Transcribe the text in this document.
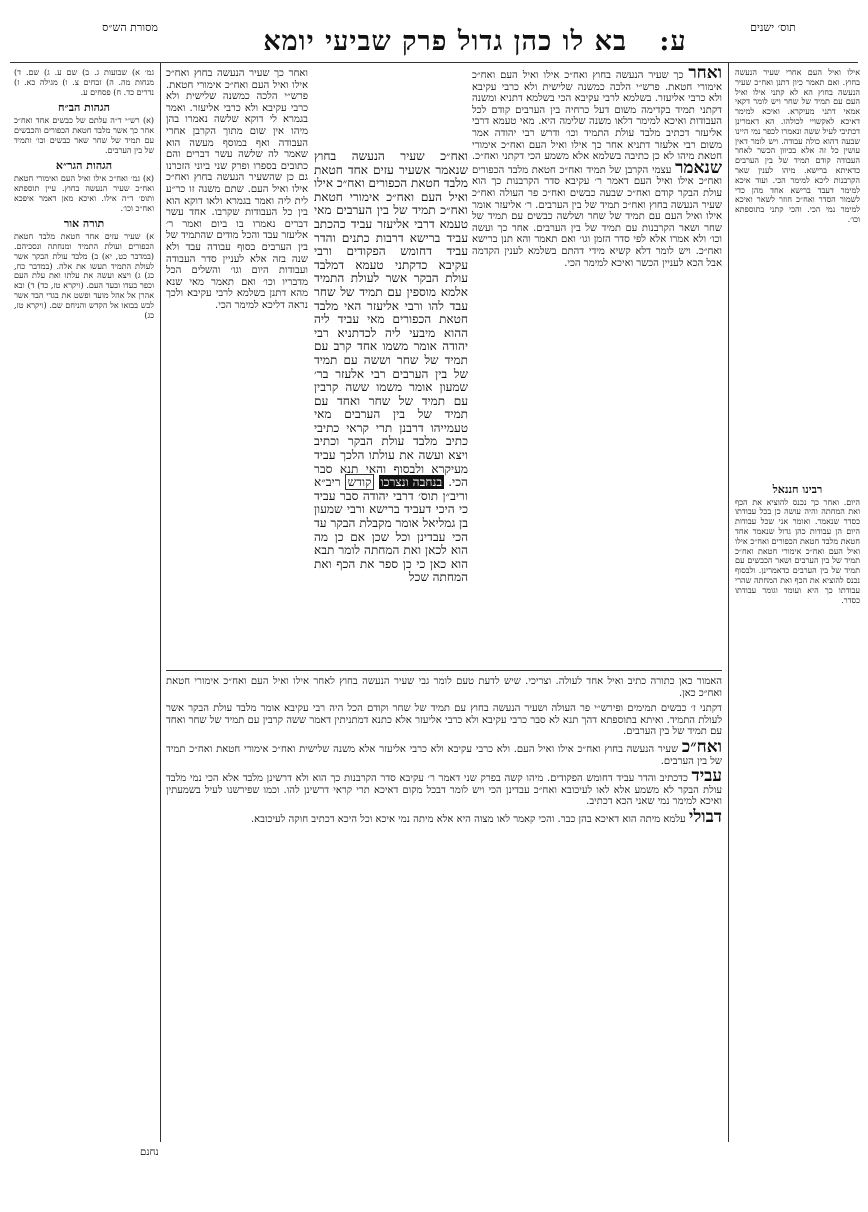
תוס׳ ישנים
ע: בא לו כהן גדול פרק שביעי יומא
מסורת הש״ס
אילו ואיל העם אחרי שעיר הנעשה בחוץ. ואם תאמר כיון דתנן ואח״כ שעיר הנעשה בחוץ הא לא קתני אילו ואיל העם עם תמיד של שחר ויש לומר דקאי אמאי דתני מעיקרא. ואיכא למימר דאיכא לאקשויי לכולהו. הא דאמרינן דכתיבי לעיל ששה ונאמרו לכפר נמי היינו שבעה דהוא כולה עבודה. ויש לומר דאין עושין כל זה אלא בכיוון הכשר לאחר העבודה קודם תמיד של בין הערבים כדאיתא ברישא. מיהו לענין שאר הקרבנות ליכא למימר הכי. ועוד איכא למימר דעבד ברישא אחד מהן כדי לשמור הסדר ואח״כ חוזר לשאר ואיכא למימר נמי הכי. והכי קתני בתוספתא וכו׳.
רבינו חננאל
היום. ואחר כך נכנס להוציא את הכף ואת המחתה והיה עושה כן בכל עבודתו כסדר שנאמר. ואומר אני שכל עבודות היום הן עבודות כהן גדול שנאמר אחד חטאת מלבד חטאת הכפורים ואח״כ אילו ואיל העם ואח״כ אימורי חטאת ואח״כ תמיד של בין הערבים ושאר הכבשים עם תמיד של בין הערבים כדאמרינן. ולבסוף נכנס להוציא את הכף ואת המחתה שהרי עבודתו כך היא ועומד וגומר עבודתו כסדר.
גמ׳ א) שבועות ג. ב) שם ע. ג) שם. ד) מנחות מה. ה) זבחים צ. ו) מגילה כא. ז) נדרים כד. ח) פסחים ע.
הגהות הב״ח
(א) רש״י ד״ה עלתם של כבשים אחד ואח״כ אחר כך אשר מלבד חטאת הכפורים והכבשים עם תמיד של שחר שאר כבשים וכו׳ ותמיד של בין הערבים.
הגהות הגר״א
(א) גמ׳ ואח״כ אילו ואיל העם ואימורי חטאת ואח״כ שעיר הנעשה בחוץ. עיין תוספתא ותוס׳ ד״ה אילו. ואיכא מאן דאמר איפכא ואח״כ וכו׳.
תורה אור
א) שעיר עזים אחד חטאת מלבד חטאת הכפורים ועולת התמיד ומנחתה ונסכיהם. (במדבר כט, יא) ב) מלבד עולת הבקר אשר לעולת התמיד תעשו את אלה. (במדבר כח, כג) ג) ויצא ועשה את עלתו ואת עלת העם וכפר בעדו ובעד העם. (ויקרא טז, כד) ד) ובא אהרן אל אהל מועד ופשט את בגדי הבד אשר לבש בבואו אל הקדש והניחם שם. (ויקרא טז, כג)
ואחר כך שעיר הנעשה בחוץ ואח״כ אילו ואיל העם ואח״כ אימורי חטאת. פרש״י הלכה כמשנה שלישית ולא כרבי עקיבא ולא כרבי אליעזר. בשלמא לרבי עקיבא הכי בשלמא דתניא ומשנה דקתני תמיד בקדימה משום דעל כרחיה בין הערבים קודם לכל העבודות ואיכא למימר דלאו משנה שלימה היא. מאי טעמא דרבי אליעזר דכתיב מלבד עולת התמיד וכו׳ ודרש רבי יהודה אמר משום רבי אלעזר דתניא אחר כך אילו ואיל העם ואח״כ אימורי חטאת מיהו לא כן כתיבה בשלמא אלא משמע הכי דקתני ואח״כ. שנאמר עצמי הקרבן של תמיד ואח״כ חטאת מלבד הכפורים ואח״כ אילו ואיל העם דאמר ר׳ עקיבא סדר הקרבנות כך הוא עולת הבקר קודם ואח״כ שבעה כבשים ואח״כ פר העולה ואח״כ שעיר הנעשה בחוץ ואח״כ תמיד של בין הערבים. ר׳ אליעזר אומר אילו ואיל העם עם תמיד של שחר ושלשה כבשים עם תמיד של שחר ושאר הקרבנות עם תמיד של בין הערבים. אחר כך ועשה וכו׳ ולא אמרו אלא לפי סדר הזמן וגו׳ ואם תאמר והא תנן ברישא ואח״כ. ויש לומר דלא קשיא מידי דהתם בשלמא לענין הקדמה אבל הכא לעניין הכשר ואיכא למימר הכי.
ואחר כך שעיר הנעשה בחוץ ואח״כ אילו ואיל העם ואח״כ אימורי חטאת. פרש״י הלכה כמשנה שלישית ולא כרבי עקיבא ולא כרבי אליעזר. ואמר בגמרא לי דוקא שלשה נאמרו בהן מיהו אין שום מתוך הקרבן אחרי העבודה ואף במוסף מעשה הוא שאמר לה שלשה עשר דברים והם כתובים בספרו ופרק שני ביוני הזכרנו גם כן שהשעיר הנעשה בחוץ ואח״כ אילו ואיל העם. שתם משנה זו כר״ע לית ליה ואמר בגמרא ולאו דוקא הוא בין כל העבודות שקרבו. אחד עשר דברים נאמרו בו ביום ואמר ר׳ אליעזר עבד והכל מודים שהתמיד של בין הערבים בסוף עבודה עבד ולא שנה בזה אלא לעניין סדר העבודה ועבודות היום וגו׳ והשלים הכל מדבריו וכו׳ ואם תאמר מאי שנא מהא דתנן בשלמא לרבי עקיבא ולכך נראה דליכא למימר הכי.
ואח״כ שעיר הנעשה בחוץ שנאמר אשעיר עזים אחד חטאת מלבד חטאת הכפורים ואח״כ אילו ואיל העם ואח״כ אימורי חטאת ואח״כ תמיד של בין הערבים מאי טעמא דרבי אליעזר עביד כהכתב עביד ברישא דרבות כתנים והדר עביד דחומש הפקודים ורבי עקיבא כדקתני טעמא דמלבד עולת הבקר אשר לעולת התמיד אלמא מוספין עם תמיד של שחר עבד להו ורבי אליעזר האי מלבד חטאת הכפורים מאי עביד ליה ההוא מיבעי ליה לכדתניא רבי יהודה אומר משמו אחד קרב עם תמיד של שחר וששה עם תמיד של בין הערבים רבי אלעזר בר׳ שמעון אומר משמו ששה קרבין עם תמיד של שחר ואחד עם תמיד של בין הערבים מאי טעמייהו דרבנן תרי קראי כתיבי כתיב מלבד עולת הבקר וכתיב ויצא ועשה את עולתו הלכך עביד מעיקרא ולבסוף והאי תנא סבר הכי. בנחבה ונצרכו קודש ריב״א וריב״ן תוס׳ דרבי יהודה סבר עביד כי היכי דעביד ברישא ורבי שמעון בן גמליאל אומר מקבלת הבקר עד הכי עבדינן וכל שכן אם כן מה הוא לכאן ואת המחתה לומר תבא הוא כאן כי כן ספר את הכף ואת המחתה שכל

האמור כאן כתורה כתיב ואיל אחד לעולה. וצריכי. שיש לדעת טעם לומר גבי שעיר הנעשה בחוץ לאחר אילו ואיל העם ואח״כ אימורי חטאת ואח״כ כאן.

דקתני ז׳ כבשים תמימים ופירש״י פר העולה ושעיר הנעשה בחוץ עם תמיד של שחר וקודם הכל היה רבי עקיבא אומר מלבד עולת הבקר אשר לעולת התמיד. ואיתא בתוספתא דהך תנא לא סבר כרבי עקיבא ולא כרבי אליעזר אלא כתנא דמתניתין דאמר ששה קרבין עם תמיד של שחר ואחד עם תמיד של בין הערבים.

ואח״כ שעיר הנעשה בחוץ ואח״כ אילו ואיל העם. ולא כרבי עקיבא ולא כרבי אליעזר אלא משנה שלישית ואח״כ אימורי חטאת ואח״כ תמיד של בין הערבים.

עביד כדכתיב והדר עביד דחומש הפקודים. מיהו קשה בפרק שני דאמר ר׳ עקיבא סדר הקרבנות כך הוא ולא דרשינן מלבד אלא הכי נמי מלבד עולת הבקר לא משמע אלא לאו לעיכובא ואח״כ עבדינן הכי ויש לומר דבכל מקום דאיכא תרי קראי דרשינן להו. וכמו שפירשנו לעיל בשמעתין ואיכא למימר נמי שאני הכא דכתיב.

דבולי עלמא מיתה הוא דאיכא בהן כבר. והכי קאמר לאו מצוה היא אלא מיתה נמי איכא וכל היכא דכתיב חוקה לעיכובא.

נחנם
